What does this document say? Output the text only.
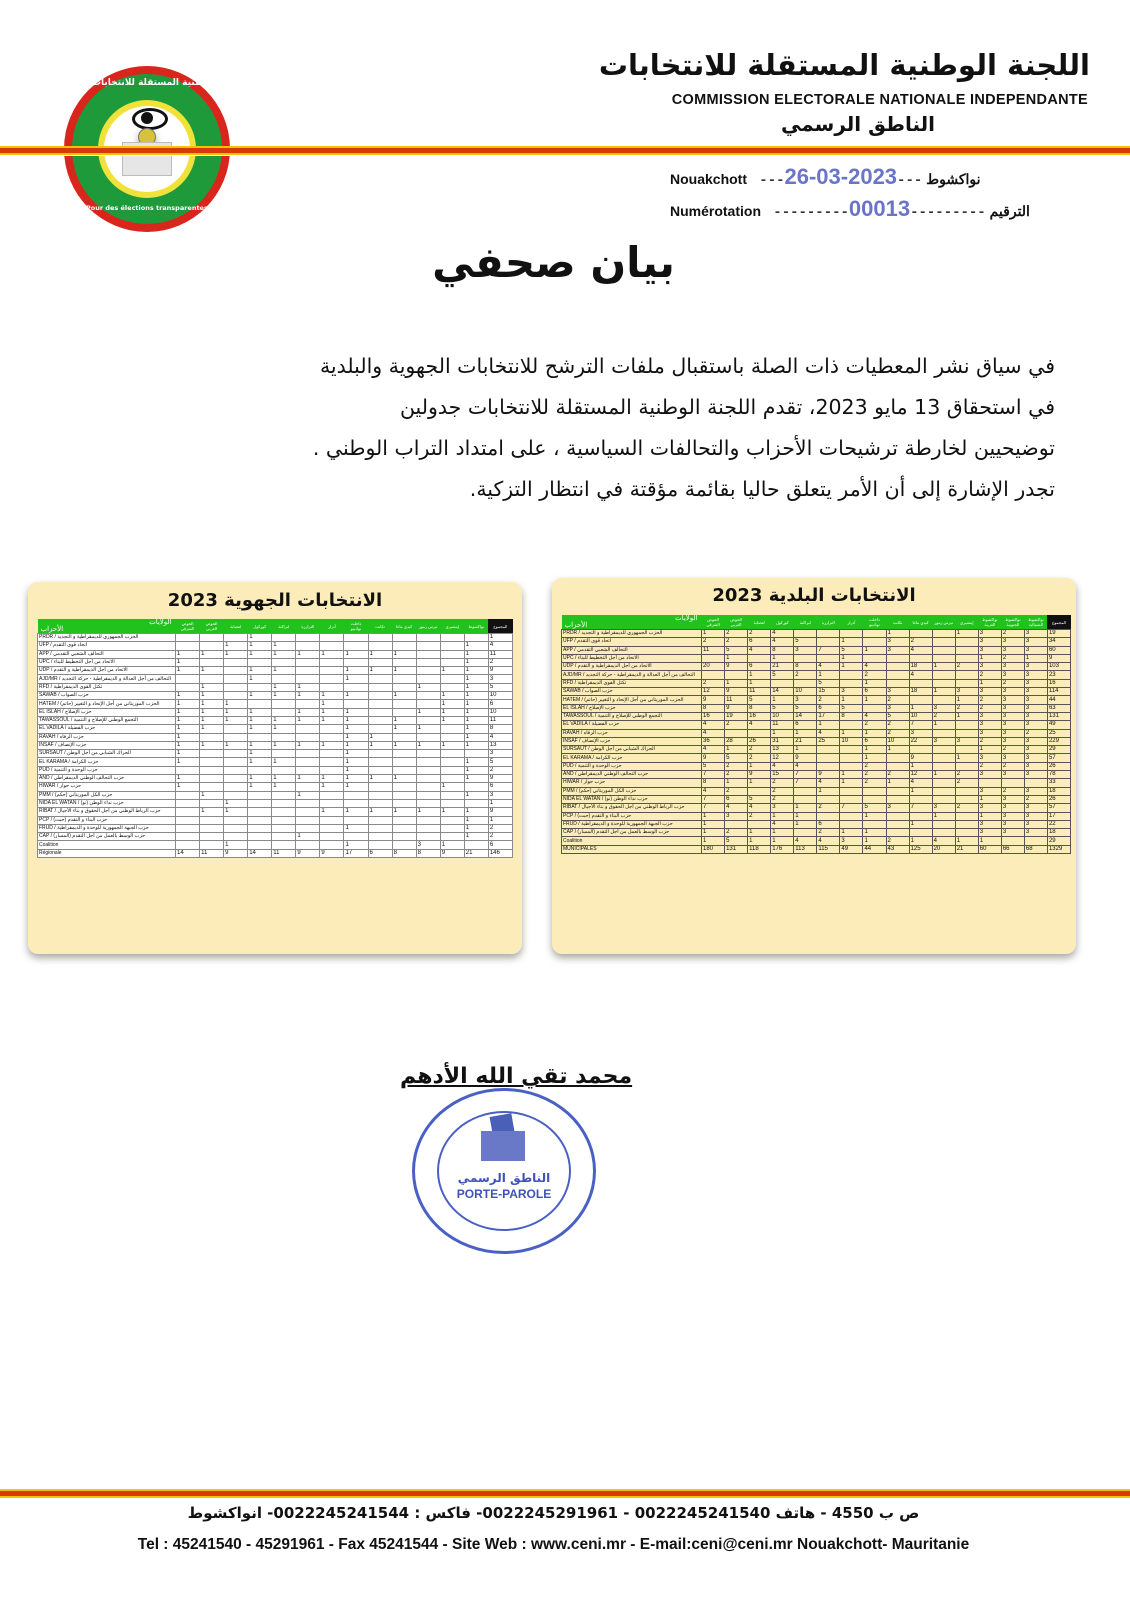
اللجنة الوطنية المستقلة للانتخابات
Pour des élections transparentes et crédibles
اللجنة الوطنية المستقلة للانتخابات
COMMISSION ELECTORALE NATIONALE INDEPENDANTE
الناطق الرسمي
Nouakchott  ---26-03-2023--- نواكشوط
Numérotation  ---------00013--------- الترقيم
بيان صحفي

في سياق نشر المعطيات ذات الصلة باستقبال ملفات الترشح للانتخابات الجهوية والبلدية

في استحقاق 13 مايو 2023، تقدم اللجنة الوطنية المستقلة للانتخابات جدولين

توضيحيين لخارطة ترشيحات الأحزاب والتحالفات السياسية ، على امتداد التراب الوطني .

تجدر الإشارة إلى أن الأمر يتعلق حاليا بقائمة مؤقتة في انتظار التزكية.

الانتخابات الجهوية 2023
الأحزاب
الولايات	الحوض الشرقي	الحوض الغربي	لعصابة	كوركول	لبراكنة	الترارزة	آدرار	داخلت نواذيبو	تكانت	كيدي ماغا	تيرس زمور	إينشيري	نواكشوط	المجموع
PRDR / الحزب الجمهوري للديمقراطية و التجديد				1										1
UFP / اتحاد قوى التقدم			1	1	1								1	4
APP / التحالف الشعبي التقدمي	1	1	1	1	1	1	1	1	1	1			1	11
UPC / الاتحاد من أجل التخطيط للبناء	1												1	2
UDP / الاتحاد من أجل الديمقراطية و التقدم	1	1		1	1			1	1	1		1	1	9
AJD/MR / التحالف من أجل العدالة و الديمقراطية - حركة التجديد				1				1					1	3
RFD / تكتل القوى الديمقراطية		1			1	1					1		1	5
SAWAB / حزب الصواب	1	1		1	1	1	1	1		1		1	1	10
HATEM / الحزب الموريتاني من أجل الإتحاد و التغيير (حاتم)	1	1	1				1					1	1	6
EL ISLAH / حزب الإصلاح	1	1	1	1		1	1	1			1	1	1	10
TAWASSOUL / التجمع الوطني للإصلاح و التنمية	1	1	1	1	1	1	1	1		1		1	1	11
EL VADILA / حزب الفضيلة	1	1		1	1			1		1	1		1	8
RAVAH / حزب الرفاه	1							1	1				1	4
INSAF / حزب الإنصاف	1	1	1	1	1	1	1	1	1	1	1	1	1	13
SURSAUT / الحراك الشبابي من أجل الوطن	1			1				1						3
EL KARAMA / حزب الكرامة	1			1	1			1					1	5
PUD / حزب الوحدة و التنمية								1					1	2
AND / حزب التحالف الوطني الديمقراطي	1			1	1	1	1	1	1	1			1	9
HIWAR / حزب حوار	1			1	1		1	1				1		6
PMM / حزب الكل الموريتاني (حكم)		1				1							1	3
NIDA EL WATAN / حزب نداء الوطن (نو)			1											1
RIBAT / حزب الرباط الوطني من أجل الحقوق و بناء الأجيال		1	1				1	1	1	1	1	1	1	9
PCP / حزب البناء و التقدم (حبت)													1	1
FRUD / حزب الجبهة الجمهورية للوحدة و الديمقراطية								1					1	2
CAP / حزب الوسط بالعمل من أجل التقدم (المسار)						1							1	2
Coalition			1					1			3	1		6
Régionale	14	11	9	14	11	9	9	17	6	8	8	9	21	146
الانتخابات البلدية 2023
الأحزاب
الولايات	الحوض الشرقي	الحوض الغربي	لعصابة	كوركول	لبراكنة	الترارزة	آدرار	داخلت نواذيبو	تكانت	كيدي ماغا	تيرس زمور	إينشيري	نواكشوط الغربية	نواكشوط الجنوبية	نواكشوط الشمالية	المجموع
PRDR / الحزب الجمهوري للديمقراطية و التجديد	1	2	2	4					1			1	3	2	3	19
UFP / اتحاد قوى التقدم	2	2	6	4	5		1		3	2			3	3	3	34
APP / التحالف الشعبي التقدمي	11	5	4	8	3	7	5	1	3	4			3	3	3	60
UPC / الاتحاد من أجل التخطيط للبناء		1		1			1						1	2	1	9
UDP / الاتحاد من أجل الديمقراطية و التقدم	20	9	6	21	8	4	1	4		18	1	2	3	3	3	103
AJD/MR / التحالف من أجل العدالة و الديمقراطية - حركة التجديد			1	5	2	1		2		4			2	3	3	23
RFD / تكتل القوى الديمقراطية	2	1	1			5		1					1	2	3	16
SAWAB / حزب الصواب	12	9	11	14	10	15	3	6	3	18	1	3	3	3	3	114
HATEM / الحزب الموريتاني من أجل الإتحاد و التغيير (حاتم)	9	11	5	1	3	2	1	1	2			1	2	3	3	44
EL ISLAH / حزب الإصلاح	8	9	8	5	5	6	5		3	1	3	2	2	3	3	63
TAWASSOUL / التجمع الوطني للإصلاح و التنمية	16	19	16	10	14	17	8	4	5	10	2	1	3	3	3	131
EL VADILA / حزب الفضيلة	4	2	4	11	6	1		2	2	7	1		3	3	3	49
RAVAH / حزب الرفاه	4			1	1	4	1	1	2	3			3	3	2	25
INSAF / حزب الإنصاف	36	28	26	31	21	25	10	6	10	22	3	3	2	3	3	229
SURSAUT / الحراك الشبابي من أجل الوطن	4	1	2	13	1			1	1				1	2	3	29
EL KARAMA / حزب الكرامة	9	5	2	12	9			1		9		1	3	3	3	57
PUD / حزب الوحدة و التنمية	5	2	1	4	4			2		1			2	2	3	26
AND / حزب التحالف الوطني الديمقراطي	7	2	9	15	7	9	1	2	2	12	1	2	3	3	3	78
HIWAR / حزب حوار	8	1	1	2	7	4	1	2	1	4		2				33
PMM / حزب الكل الموريتاني (حكم)	4	2		2		1				1			3	2	3	18
NIDA EL WATAN / حزب نداء الوطن (نو)	7	6	5	2									1	3	2	26
RIBAT / حزب الرباط الوطني من أجل الحقوق و بناء الأجيال	7	4	4	3	1	2	7	5	3	7	3	2	3	3	3	57
PCP / حزب البناء و التقدم (حبت)	1	3	2	1	1			1			1		1	3	3	17
FRUD / حزب الجبهة الجمهورية للوحدة و الديمقراطية	1			4	1	6				1			3	3	3	22
CAP / حزب الوسط بالعمل من أجل التقدم (المسار)	1	2	1	1		2	1	1					3	3	3	18
Coalition	1	5	1	1	4	4	3	1	2	1	4	1	1			29
MUNICIPALES	180	131	118	176	113	115	49	44	43	125	20	21	60	66	68	1329
محمد تقي الله الأدهم
الناطق الرسمي
PORTE-PAROLE
ص ب 4550 - هاتف 0022245241540 - 0022245291961- فاكس : 0022245241544- انواكشوط
Tel : 45241540 - 45291961 - Fax 45241544 - Site Web : www.ceni.mr - E-mail:ceni@ceni.mr Nouakchott- Mauritanie
